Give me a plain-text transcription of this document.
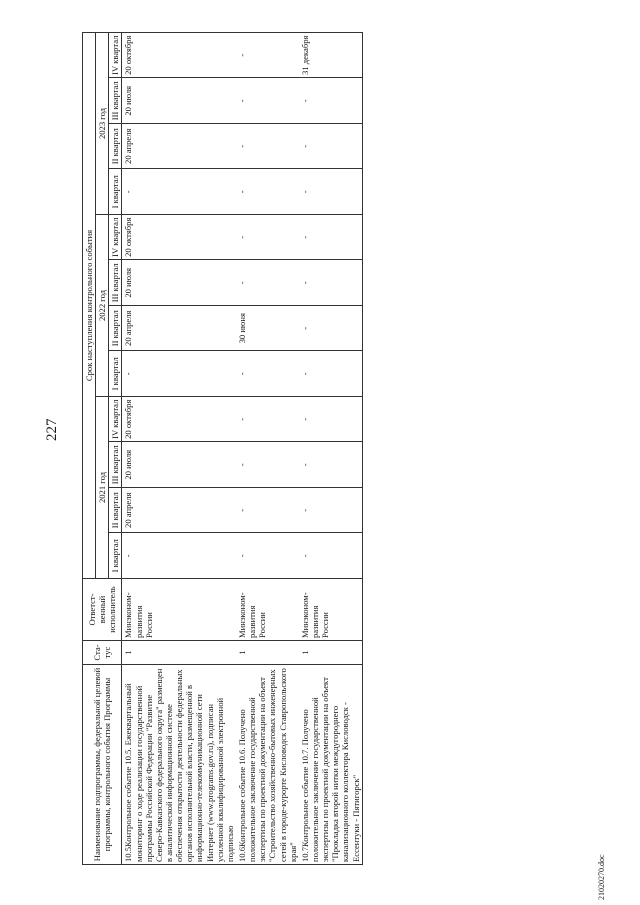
227
21020270.doc
Наименование подпрограммы, федеральной целевой программы, контрольного события Программы	Ста-тус	Ответст-венный исполнитель	Срок наступления контрольного события											
			2021 год				2022 год				2023 год			
			I квартал	II квартал	III квартал	IV квартал	I квартал	II квартал	III квартал	IV квартал	I квартал	II квартал	III квартал	IV квартал
10.5.Контрольное событие 10.5. Ежеквартальный мониторинг о ходе реализации государственной программы Российской Федерации "Развитие Северо-Кавказского федерального округа" размещен в аналитической информационной системе обеспечения открытости деятельности федеральных органов исполнительной власти, размещенной в информационно-телекоммуникационной сети Интернет (www.programs.gov.ru), подписан усиленной квалифицированной электронной подписью	1	Минэконом-развития России	-	20 апреля	20 июля	20 октября	-	20 апреля	20 июля	20 октября	-	20 апреля	20 июля	20 октября
10.6.Контрольное событие 10.6. Получено положительное заключение государственной экспертизы по проектной документации на объект "Строительство хозяйственно-бытовых инженерных сетей в городе-курорте Кисловодск Ставропольского края"	1	Минэконом-развития России	-	-	-	-	-	30 июня	-	-	-	-	-	-
10.7.Контрольное событие 10.7. Получено положительное заключение государственной экспертизы по проектной документации на объект "Прокладка второй нитки междугороднего канализационного коллектора Кисловодск - Ессентуки - Пятигорск"	1	Минэконом-развития России	-	-	-	-	-	-	-	-	-	-	-	31 декабря
